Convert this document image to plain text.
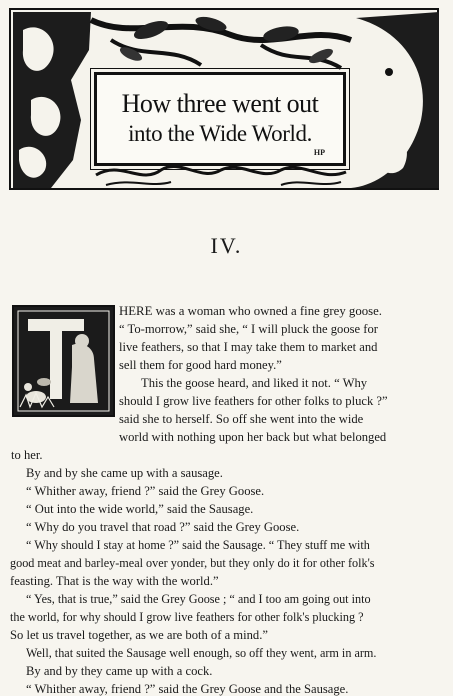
How three went out
into the Wide World.
HP
IV.
HERE was a woman who owned a fine grey goose.
“ To-morrow,” said she, “ I will pluck the goose for
live feathers, so that I may take them to market and
sell them for good hard money.”
This the goose heard, and liked it not. “ Why
should I grow live feathers for other folks to pluck ?”
said she to herself. So off she went into the wide
world with nothing upon her back but what belonged
to her.
By and by she came up with a sausage.
“ Whither away, friend ?” said the Grey Goose.
“ Out into the wide world,” said the Sausage.
“ Why do you travel that road ?” said the Grey Goose.
“ Why should I stay at home ?” said the Sausage. “ They stuff me with
good meat and barley-meal over yonder, but they only do it for other folk's
feasting. That is the way with the world.”
“ Yes, that is true,” said the Grey Goose ; “ and I too am going out into
the world, for why should I grow live feathers for other folk's plucking ?
So let us travel together, as we are both of a mind.”
Well, that suited the Sausage well enough, so off they went, arm in arm.
By and by they came up with a cock.
“ Whither away, friend ?” said the Grey Goose and the Sausage.
